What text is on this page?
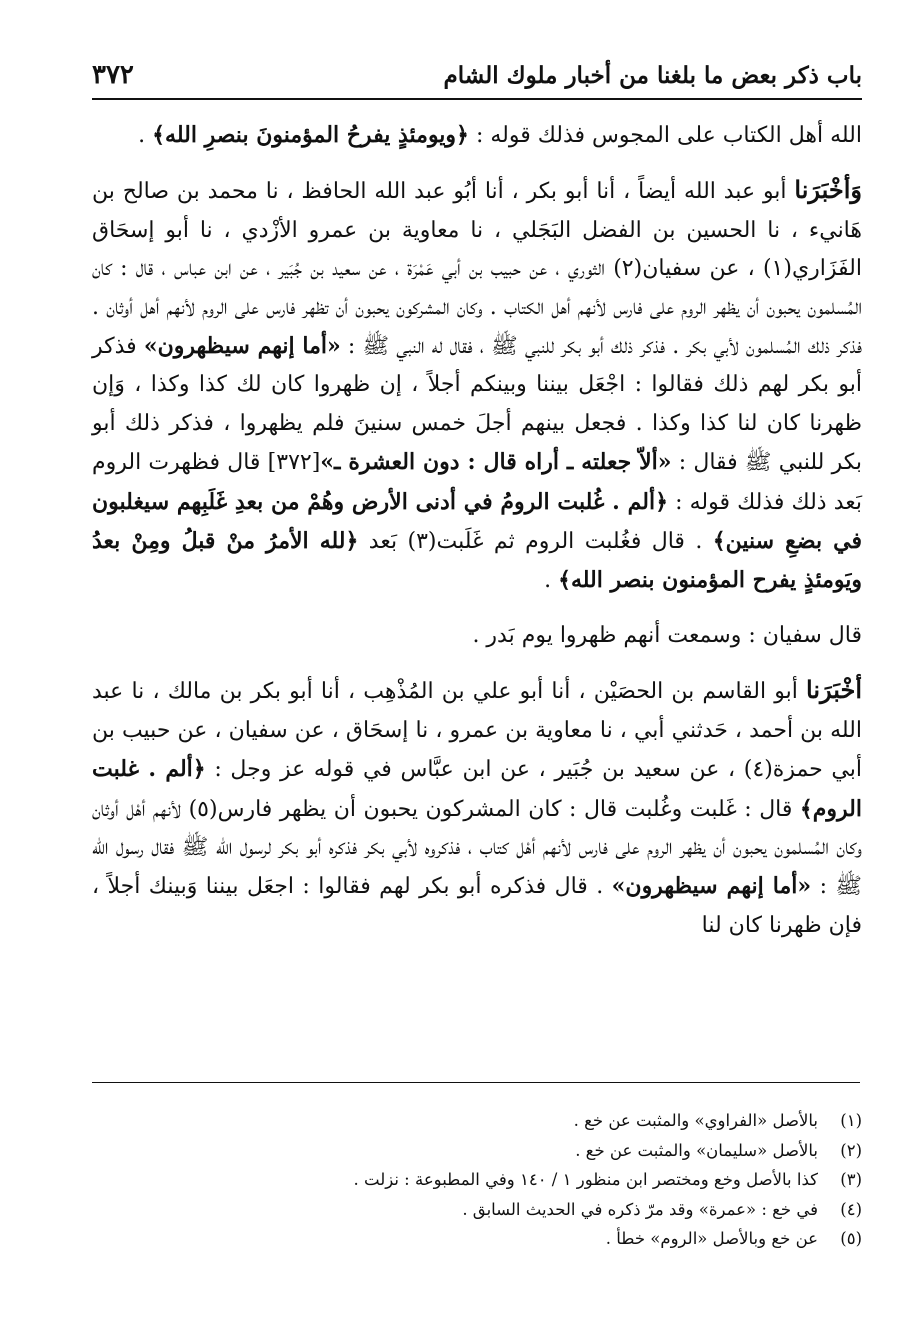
باب ذكر بعض ما بلغنا من أخبار ملوك الشام
٣٧٢

الله أهل الكتاب على المجوس فذلك قوله : ﴿ويومئذٍ يفرحُ المؤمنونَ بنصرِ الله﴾ .

وَأخْبَرَنا أبو عبد الله أيضاً ، أنا أبو بكر ، أنا أبُو عبد الله الحافظ ، نا محمد بن صالح بن هَانيء ، نا الحسين بن الفضل البَجَلي ، نا معاوية بن عمرو الأزْدي ، نا أبو إسحَاق الفَزَاري(١) ، عن سفيان(٢) الثوري ، عن حبيب بن أبي عَمْرَة ، عن سعيد بن جُبَير ، عن ابن عباس ، قال : كان المُسلمون يحبون أن يظهر الروم على فارس لأنهم أهل الكتاب . وكان المشركون يحبون أن تظهر فارس على الروم لأنهم أهل أوثان . فذكر ذلك المُسلمون لأبي بكر . فذكر ذلك أبو بكر للنبي ﷺ ، فقال له النبي ﷺ : «أما إنهم سيظهرون» فذكر أبو بكر لهم ذلك فقالوا : اجْعَل بيننا وبينكم أجلاً ، إن ظهروا كان لك كذا وكذا ، وَإن ظهرنا كان لنا كذا وكذا . فجعل بينهم أجلَ خمس سنينَ فلم يظهروا ، فذكر ذلك أبو بكر للنبي ﷺ فقال : «ألاّ جعلته ـ أراه قال : دون العشرة ـ»[٣٧٢] قال فظهرت الروم بَعد ذلك فذلك قوله : ﴿ألم . غُلبت الرومُ في أدنى الأرض وهُمْ من بعدِ غَلَبِهم سيغلبون في بضعِ سنين﴾ . قال فغُلبت الروم ثم غَلَبت(٣) بَعد ﴿لله الأمرُ منْ قبلُ ومِنْ بعدُ ويَومئذٍ يفرح المؤمنون بنصر الله﴾ .

قال سفيان : وسمعت أنهم ظهروا يوم بَدر .

أخْبَرَنا أبو القاسم بن الحصَيْن ، أنا أبو علي بن المُذْهِب ، أنا أبو بكر بن مالك ، نا عبد الله بن أحمد ، حَدثني أبي ، نا معاوية بن عمرو ، نا إسحَاق ، عن سفيان ، عن حبيب بن أبي حمزة(٤) ، عن سعيد بن جُبَير ، عن ابن عبَّاس في قوله عز وجل : ﴿ألم . غلبت الروم﴾ قال : غَلبت وغُلبت قال : كان المشركون يحبون أن يظهر فارس(٥) لأنهم أهْل أوثان وكان المُسلمون يحبون أن يظهر الروم على فارس لأنهم أهْل كتاب ، فذكروه لأبي بكر فذكره أبو بكر لرسول الله ﷺ فقال رسول الله ﷺ : «أما إنهم سيظهرون» . قال فذكره أبو بكر لهم فقالوا : اجعَل بيننا وَبينك أجلاً ، فإن ظهرنا كان لنا

(١)بالأصل «الفراوي» والمثبت عن خع .
(٢)بالأصل «سليمان» والمثبت عن خع .
(٣)كذا بالأصل وخع ومختصر ابن منظور ١ / ١٤٠ وفي المطبوعة : نزلت .
(٤)في خع : «عمرة» وقد مرّ ذكره في الحديث السابق .
(٥)عن خع وبالأصل «الروم» خطأ .
